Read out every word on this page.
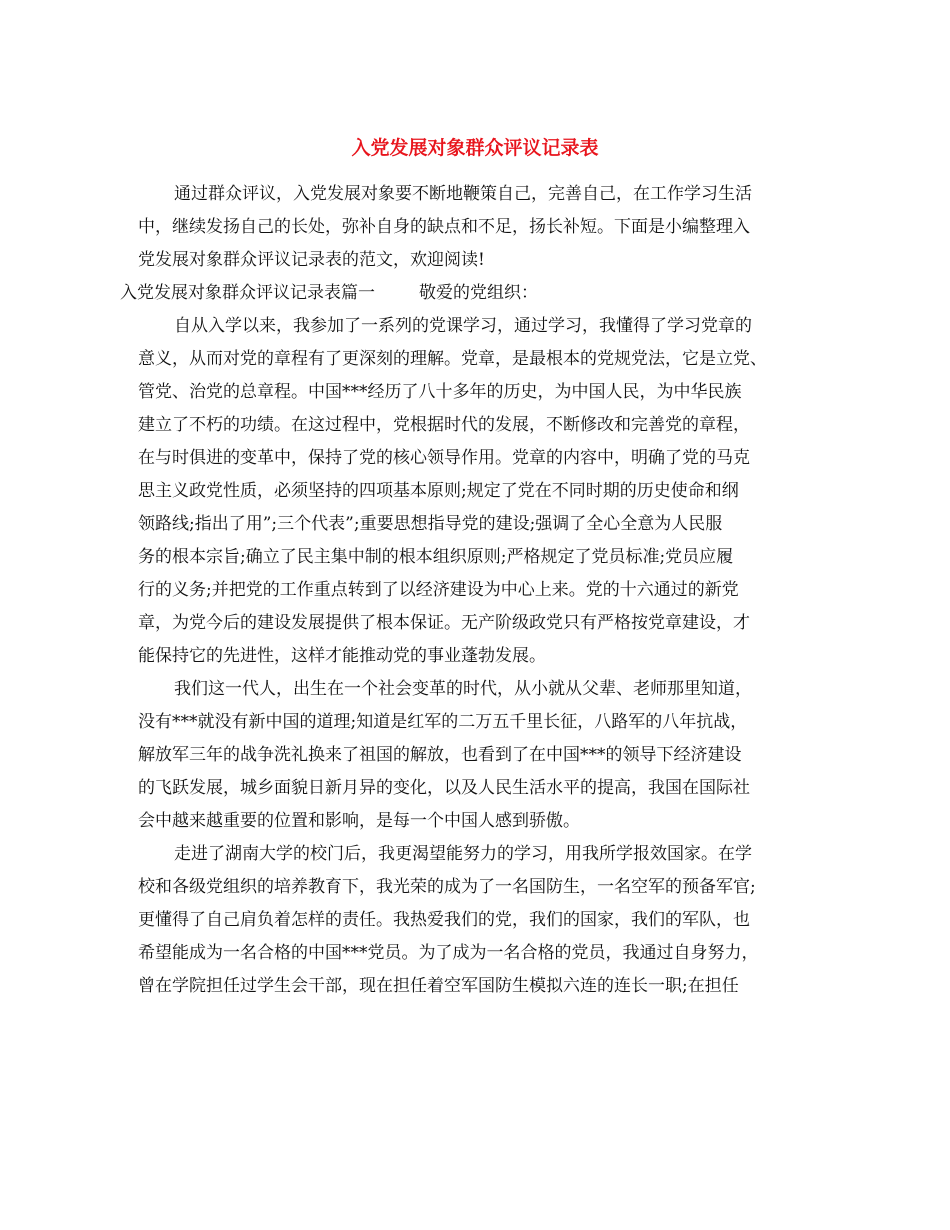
入党发展对象群众评议记录表
通过群众评议，入党发展对象要不断地鞭策自己，完善自己，在工作学习生活
中，继续发扬自己的长处，弥补自身的缺点和不足，扬长补短。下面是小编整理入
党发展对象群众评议记录表的范文，欢迎阅读!
入党发展对象群众评议记录表篇一	敬爱的党组织：
自从入学以来，我参加了一系列的党课学习，通过学习，我懂得了学习党章的
意义，从而对党的章程有了更深刻的理解。党章，是最根本的党规党法，它是立党、
管党、治党的总章程。中国***经历了八十多年的历史，为中国人民，为中华民族
建立了不朽的功绩。在这过程中，党根据时代的发展，不断修改和完善党的章程，
在与时俱进的变革中，保持了党的核心领导作用。党章的内容中，明确了党的马克
思主义政党性质，必须坚持的四项基本原则;规定了党在不同时期的历史使命和纲
领路线;指出了用”;三个代表”;重要思想指导党的建设;强调了全心全意为人民服
务的根本宗旨;确立了民主集中制的根本组织原则;严格规定了党员标准;党员应履
行的义务;并把党的工作重点转到了以经济建设为中心上来。党的十六通过的新党
章，为党今后的建设发展提供了根本保证。无产阶级政党只有严格按党章建设，才
能保持它的先进性，这样才能推动党的事业蓬勃发展。
我们这一代人，出生在一个社会变革的时代，从小就从父辈、老师那里知道，
没有***就没有新中国的道理;知道是红军的二万五千里长征，八路军的八年抗战，
解放军三年的战争洗礼换来了祖国的解放，也看到了在中国***的领导下经济建设
的飞跃发展，城乡面貌日新月异的变化，以及人民生活水平的提高，我国在国际社
会中越来越重要的位置和影响，是每一个中国人感到骄傲。
走进了湖南大学的校门后，我更渴望能努力的学习，用我所学报效国家。在学
校和各级党组织的培养教育下，我光荣的成为了一名国防生，一名空军的预备军官;
更懂得了自己肩负着怎样的责任。我热爱我们的党，我们的国家，我们的军队，也
希望能成为一名合格的中国***党员。为了成为一名合格的党员，我通过自身努力，
曾在学院担任过学生会干部，现在担任着空军国防生模拟六连的连长一职;在担任
